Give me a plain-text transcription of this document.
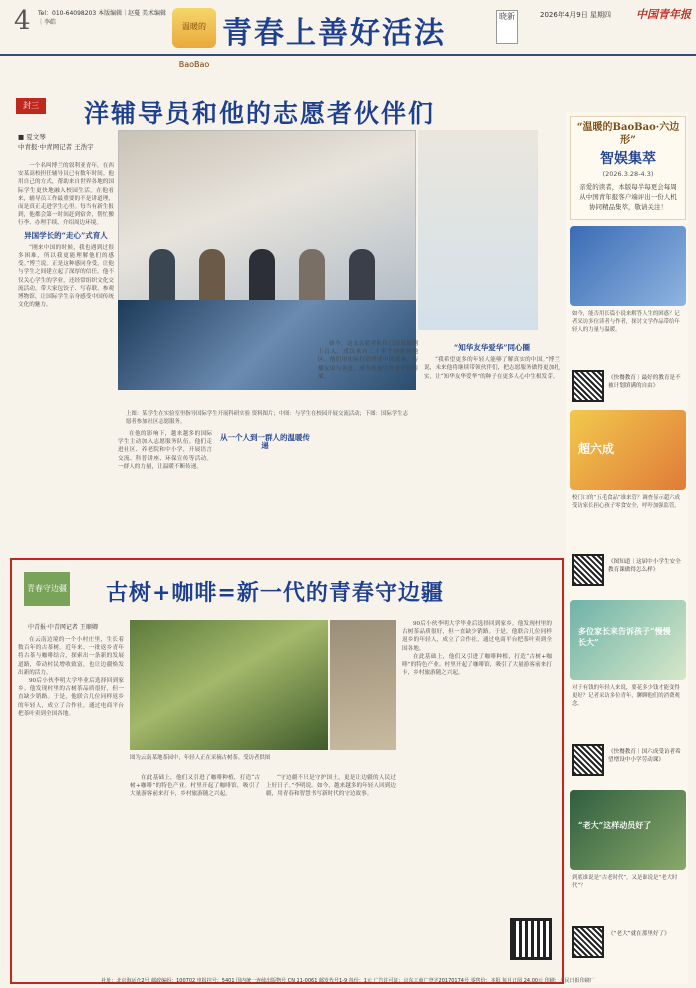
4 Tel：010-64098203 本版编辑｜赵蔓 美术编辑｜李皓	温暖的BaoBao
青春上善好活法	晓新	2026年4月9日 星期四 中国青年报
封三 洋辅导员和他的志愿者伙伴们
■ 夏文琴
中青报·中青网记者 王浩宇

一个名叫博兰的叙利亚青年，在西安某高校担任辅导员已有数年时间。他用自己的方式，帮助来自世界各地的国际学生更快地融入校园生活。在他看来，辅导员工作最重要的不是讲道理，而是真正走进学生心里。每当有新生报到，他都会第一时间赶到宿舍，帮忙搬行李、办理手续、介绍周边环境。

异国学长的“走心”式育人

“刚来中国的时候，我也遇到过很多困难，所以我更能理解他们的感受。”博兰说。正是这种感同身受，让他与学生之间建立起了深厚的信任。他不仅关心学生的学业，还经常组织文化交流活动，带大家包饺子、写春联、参观博物馆，让国际学生亲身感受中国传统文化的魅力。

上图：某学生在实验室里指导国际学生开展科研实验 资料图片；中图：与学生在校园开展交流活动；下图：国际学生志愿者参加社区志愿服务。

在他的影响下，越来越多的国际学生主动加入志愿服务队伍。他们走进社区、养老院和中小学，开展语言交流、科普讲座、环保宣传等活动。一群人的力量，让温暖不断传递。

从一个人到一群人的温暖传递

如今，这支志愿者队伍已经发展到上百人，成员来自二十多个国家和地区。他们用实际行动讲述中国故事，传播友谊与善意，成为连接中外青年的桥梁。

“知华友华爱华”同心圈

“我希望更多的年轻人能够了解真实的中国。”博兰说，未来他将继续带领伙伴们，把志愿服务做得更加扎实，让“知华友华爱华”的种子在更多人心中生根发芽。

青春守边疆 古树+咖啡=新一代的青春守边疆
中青报·中青网记者 王顺卿

在云南边境的一个小村庄里，生长着数百年的古茶树。近年来，一批返乡青年将古茶与咖啡结合，探索出一条新的发展道路，带动村民增收致富，也让边疆焕发出新的活力。

90后小伙李明大学毕业后选择回到家乡。他发现村里的古树茶品质很好，但一直缺少销路。于是，他联合几位同样返乡的年轻人，成立了合作社，通过电商平台把茶叶卖到全国各地。

图为云南某地茶园中，年轻人正在采摘古树茶。受访者供图

在此基础上，他们又引进了咖啡种植，打造“古树+咖啡”的特色产业。村里开起了咖啡馆，吸引了大量游客前来打卡，乡村旅游随之兴起。

“守边疆不只是守护国土，更是让边疆的人民过上好日子。”李明说。如今，越来越多的年轻人回到边疆，用青春和智慧书写新时代的守边故事。

90后小伙李明大学毕业后选择回到家乡。他发现村里的古树茶品质很好，但一直缺少销路。于是，他联合几位同样返乡的年轻人，成立了合作社，通过电商平台把茶叶卖到全国各地。

在此基础上，他们又引进了咖啡种植，打造“古树+咖啡”的特色产业。村里开起了咖啡馆，吸引了大量游客前来打卡，乡村旅游随之兴起。

“温暖的BaoBao·六边形”
智娱集萃
(2026.3.28-4.3)
亲爱的读者，本版每半每更会每周从中国青年报客户端评出一份人机协同精品集萃，敬请关注！
如今，能否用长篇小说来解答人生的困惑？记者采访多位读者与作者，探讨文学作品带给年轻人的力量与温暖。
《快餐教育｜最好的教育是不被计划填满的自由》
超六成
校门口的“五毛食品”谁来管？调查显示超六成受访家长担心孩子零食安全，呼吁加强监管。
《图知道｜这届中小学生安全教育课做得怎么样》
多位家长来告诉孩子“慢慢长大”
对于有钱的年轻人来说，要花多少钱才能变得更好？记者采访多位青年，聊聊他们的消费观念。
《快餐教育｜国六成受访者希望增设中小学劳动课》
“老大”这样动员好了
到底谁说是“古老时代”，又是谁说是“老大时代”？
《“老大”就在那里好了》
社址：北京海运仓2号 邮政编码：100702 电报挂号：5401 国内统一连续出版物号 CN 11-0061 邮发代号1-9 每份：1元 广告许可证：京东工商广登字20170174号 零售价：本报 每月订阅 24.00元 印刷：人民日报印刷厂
